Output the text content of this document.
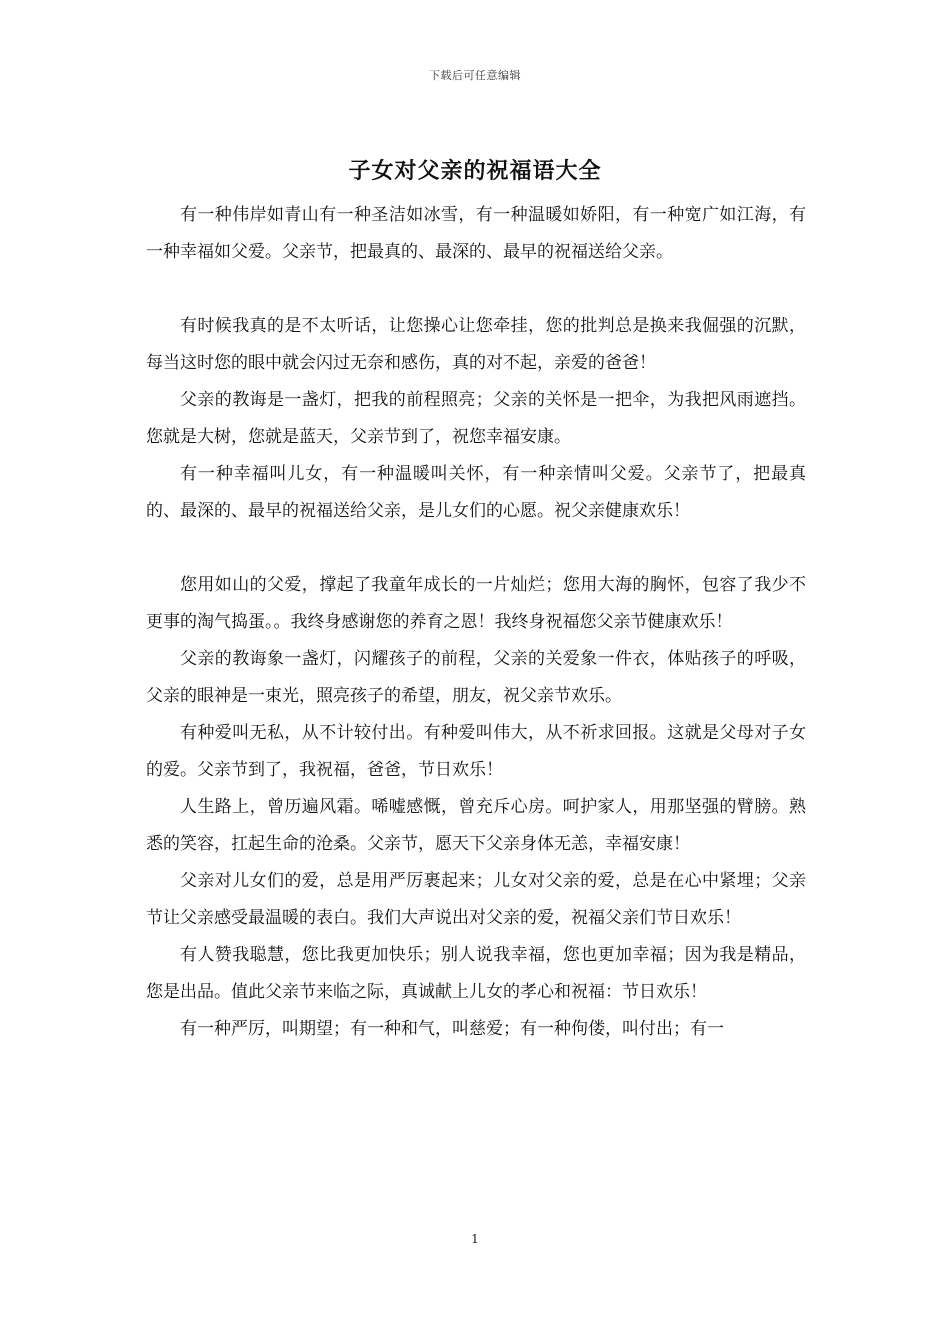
下载后可任意编辑
子女对父亲的祝福语大全

有一种伟岸如青山有一种圣洁如冰雪，有一种温暖如娇阳，有一种宽广如江海，有一种幸福如父爱。父亲节，把最真的、最深的、最早的祝福送给父亲。

有时候我真的是不太听话，让您操心让您牵挂，您的批判总是换来我倔强的沉默，每当这时您的眼中就会闪过无奈和感伤，真的对不起，亲爱的爸爸！

父亲的教诲是一盏灯，把我的前程照亮；父亲的关怀是一把伞，为我把风雨遮挡。您就是大树，您就是蓝天，父亲节到了，祝您幸福安康。

有一种幸福叫儿女，有一种温暖叫关怀，有一种亲情叫父爱。父亲节了，把最真的、最深的、最早的祝福送给父亲，是儿女们的心愿。祝父亲健康欢乐！

您用如山的父爱，撑起了我童年成长的一片灿烂；您用大海的胸怀，包容了我少不更事的淘气捣蛋。。我终身感谢您的养育之恩！我终身祝福您父亲节健康欢乐！

父亲的教诲象一盏灯，闪耀孩子的前程，父亲的关爱象一件衣，体贴孩子的呼吸，父亲的眼神是一束光，照亮孩子的希望，朋友，祝父亲节欢乐。

有种爱叫无私，从不计较付出。有种爱叫伟大，从不祈求回报。这就是父母对子女的爱。父亲节到了，我祝福，爸爸，节日欢乐！

人生路上，曾历遍风霜。唏嘘感慨，曾充斥心房。呵护家人，用那坚强的臂膀。熟悉的笑容，扛起生命的沧桑。父亲节，愿天下父亲身体无恙，幸福安康！

父亲对儿女们的爱，总是用严厉裹起来；儿女对父亲的爱，总是在心中紧埋；父亲节让父亲感受最温暖的表白。我们大声说出对父亲的爱，祝福父亲们节日欢乐！

有人赞我聪慧，您比我更加快乐；别人说我幸福，您也更加幸福；因为我是精品，您是出品。值此父亲节来临之际，真诚献上儿女的孝心和祝福：节日欢乐！

有一种严厉，叫期望；有一种和气，叫慈爱；有一种佝偻，叫付出；有一

1
